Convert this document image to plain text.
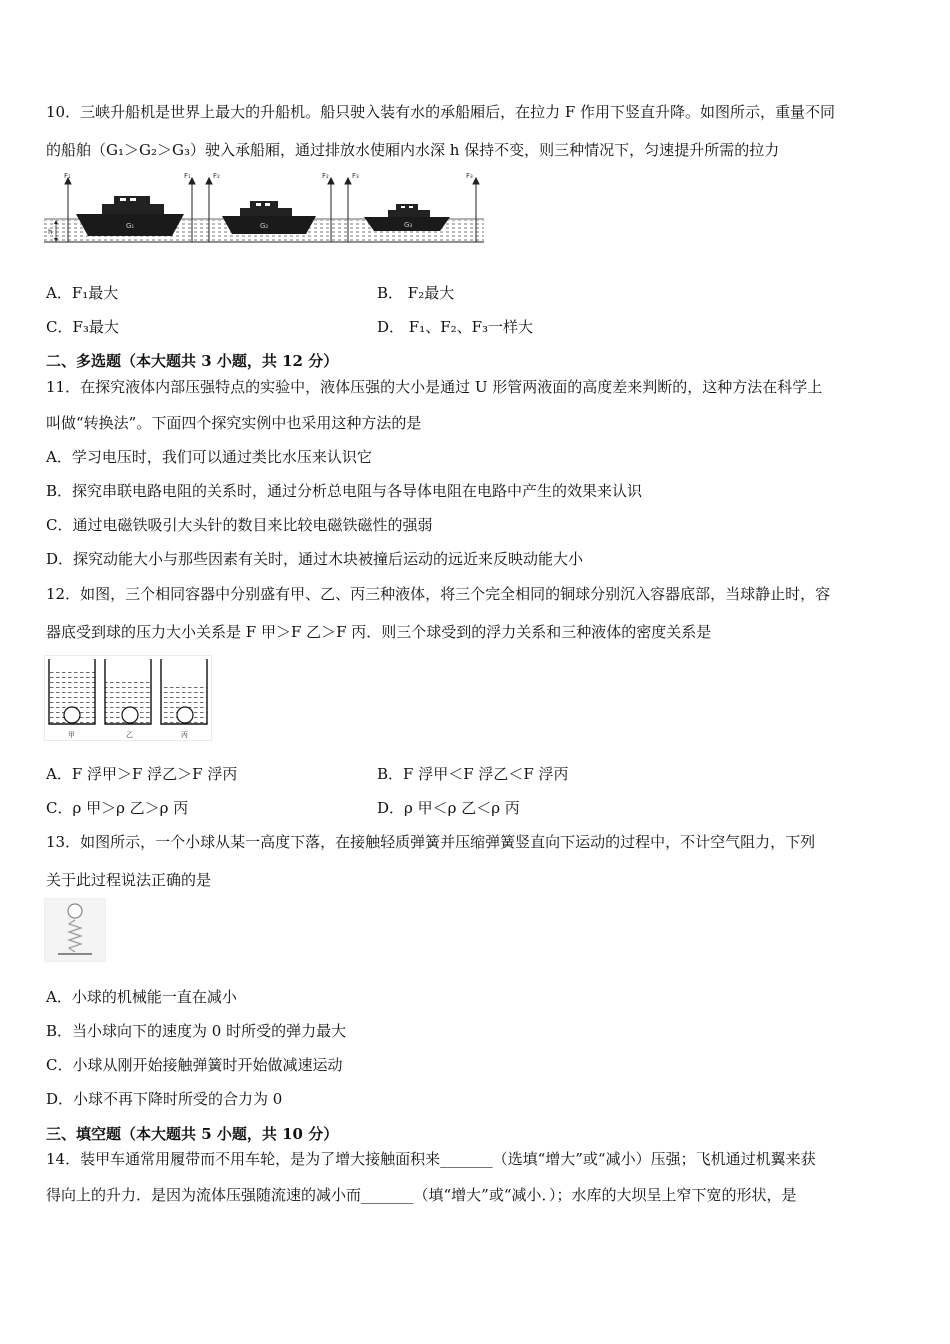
10．三峡升船机是世界上最大的升船机。船只驶入装有水的承船厢后，在拉力 F 作用下竖直升降。如图所示，重量不同
的船舶（G₁＞G₂＞G₃）驶入承船厢，通过排放水使厢内水深 h 保持不变，则三种情况下，匀速提升所需的拉力
h
F₁	F₁	F₂	F₂	F₃	F₃
G₁	G₂	G₃
A．F₁最大	B． F₂最大
C．F₃最大	D． F₁、F₂、F₃一样大
二、多选题（本大题共 3 小题，共 12 分）
11．在探究液体内部压强特点的实验中，液体压强的大小是通过 U 形管两液面的高度差来判断的，这种方法在科学上
叫做“转换法”。下面四个探究实例中也采用这种方法的是
A．学习电压时，我们可以通过类比水压来认识它
B．探究串联电路电阻的关系时，通过分析总电阻与各导体电阻在电路中产生的效果来认识
C．通过电磁铁吸引大头针的数目来比较电磁铁磁性的强弱
D．探究动能大小与那些因素有关时，通过木块被撞后运动的远近来反映动能大小
12．如图，三个相同容器中分别盛有甲、乙、丙三种液体，将三个完全相同的铜球分别沉入容器底部，当球静止时，容
器底受到球的压力大小关系是 F 甲＞F 乙＞F 丙．则三个球受到的浮力关系和三种液体的密度关系是
甲	乙	丙
A．F 浮甲＞F 浮乙＞F 浮丙	B．F 浮甲＜F 浮乙＜F 浮丙
C．ρ 甲＞ρ 乙＞ρ 丙	D．ρ 甲＜ρ 乙＜ρ 丙
13．如图所示，一个小球从某一高度下落，在接触轻质弹簧并压缩弹簧竖直向下运动的过程中，不计空气阻力，下列
关于此过程说法正确的是
A．小球的机械能一直在减小
B．当小球向下的速度为 0 时所受的弹力最大
C．小球从刚开始接触弹簧时开始做减速运动
D．小球不再下降时所受的合力为 0
三、填空题（本大题共 5 小题，共 10 分）
14．装甲车通常用履带而不用车轮，是为了增大接触面积来_______（选填“增大”或“减小）压强；飞机通过机翼来获
得向上的升力．是因为流体压强随流速的减小而_______（填“增大”或“减小．）；水库的大坝呈上窄下宽的形状，是
